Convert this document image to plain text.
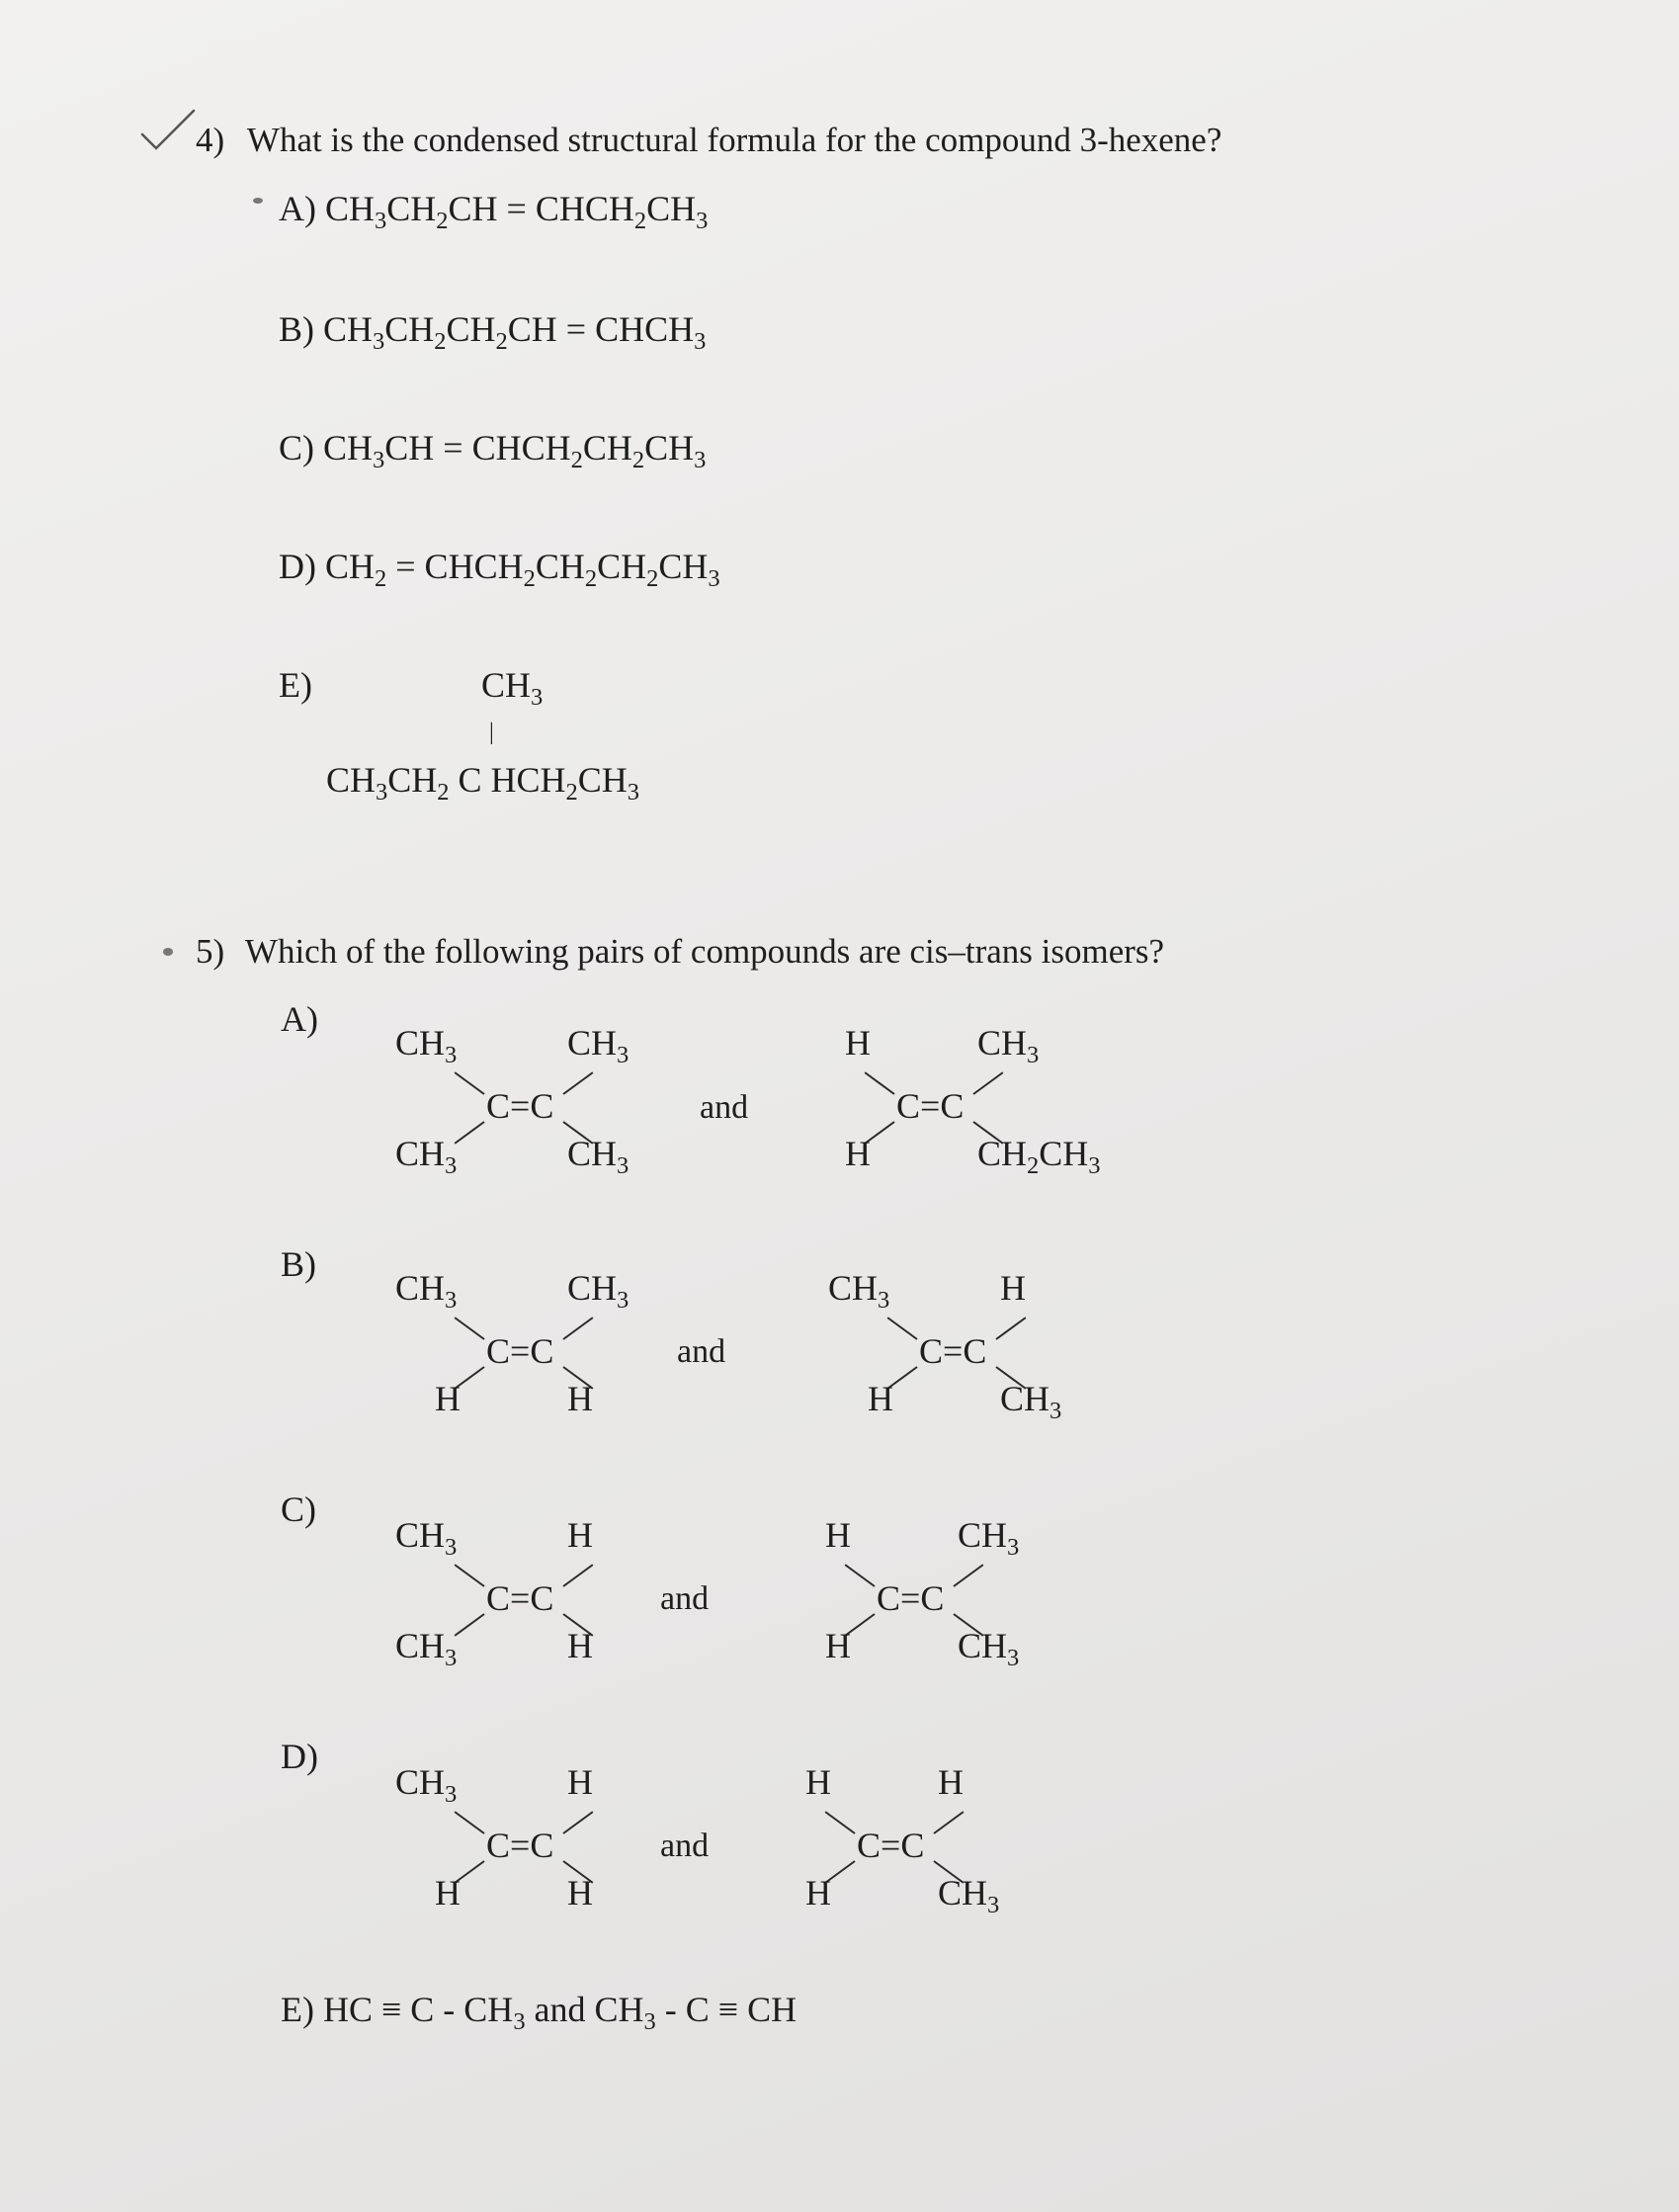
4) What is the condensed structural formula for the compound 3-hexene?
A) $CH_3CH_2CH$ = $CHCH_2CH_3$
B) $CH_3CH_2CH_2CH$ = $CHCH_3$
C) $CH_3CH$ = $CHCH_2CH_2CH_3$
D) $CH_2$ = $CHCH_2CH_2CH_2CH_3$
E)	$CH_3$
|
$CH_3CH_2$ C $HCH_2CH_3$
5) Which of the following pairs of compounds are cis–trans isomers?
A)
B)
C)
D)
and
and
and
and
C=C
$CH_3$
$CH_3$
$CH_3$
$CH_3$
C=C
H
H
$CH_3$
$CH_2CH_3$
C=C
$CH_3$
H
$CH_3$
H
C=C
$CH_3$
H
H
$CH_3$
C=C
$CH_3$
$CH_3$
H
H
C=C
H
H
$CH_3$
$CH_3$
C=C
$CH_3$
H
H
H
C=C
H
H
H
$CH_3$
E) HC ≡ C - $CH_3$ and $CH_3$ - C ≡ CH
